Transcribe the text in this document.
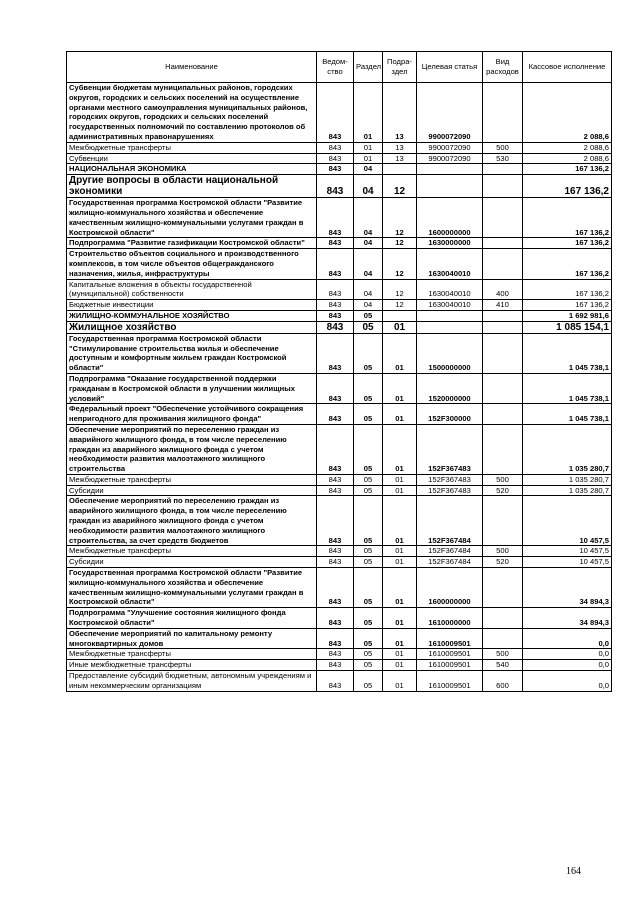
Наименование	Ведом-ство	Раздел	Подра-здел	Целевая статья	Вид расходов	Кассовое исполнение
Субвенции бюджетам муниципальных районов, городских округов, городских и сельских поселений на осуществление органами местного самоуправления муниципальных районов, городских округов, городских и сельских поселений государственных полномочий по составлению протоколов об административных правонарушениях	843	01	13	9900072090		2 088,6
Межбюджетные трансферты	843	01	13	9900072090	500	2 088,6
Субвенции	843	01	13	9900072090	530	2 088,6
НАЦИОНАЛЬНАЯ ЭКОНОМИКА	843	04				167 136,2
Другие вопросы в области национальной экономики	843	04	12			167 136,2
Государственная программа Костромской области "Развитие жилищно-коммунального хозяйства и обеспечение качественным жилищно-коммунальными услугами граждан в Костромской области"	843	04	12	1600000000		167 136,2
Подпрограмма "Развитие газификации Костромской области"	843	04	12	1630000000		167 136,2
Строительство объектов социального и производственного комплексов, в том числе объектов общегражданского назначения, жилья, инфраструктуры	843	04	12	1630040010		167 136,2
Капитальные вложения в объекты государственной (муниципальной) собственности	843	04	12	1630040010	400	167 136,2
Бюджетные инвестиции	843	04	12	1630040010	410	167 136,2
ЖИЛИЩНО-КОММУНАЛЬНОЕ ХОЗЯЙСТВО	843	05				1 692 981,6
Жилищное хозяйство	843	05	01			1 085 154,1
Государственная программа Костромской области "Стимулирование строительства жилья и обеспечение доступным и комфортным жильем граждан Костромской области"	843	05	01	1500000000		1 045 738,1
Подпрограмма "Оказание государственной поддержки гражданам в Костромской области в улучшении жилищных условий"	843	05	01	1520000000		1 045 738,1
Федеральный проект "Обеспечение устойчивого сокращения непригодного для проживания жилищного фонда"	843	05	01	152F300000		1 045 738,1
Обеспечение мероприятий по переселению граждан из аварийного жилищного фонда, в том числе переселению граждан из аварийного жилищного фонда с учетом необходимости развития малоэтажного жилищного строительства	843	05	01	152F367483		1 035 280,7
Межбюджетные трансферты	843	05	01	152F367483	500	1 035 280,7
Субсидии	843	05	01	152F367483	520	1 035 280,7
Обеспечение мероприятий по переселению граждан из аварийного жилищного фонда, в том числе переселению граждан из аварийного жилищного фонда с учетом необходимости развития малоэтажного жилищного строительства, за счет средств бюджетов	843	05	01	152F367484		10 457,5
Межбюджетные трансферты	843	05	01	152F367484	500	10 457,5
Субсидии	843	05	01	152F367484	520	10 457,5
Государственная программа Костромской области "Развитие жилищно-коммунального хозяйства и обеспечение качественным жилищно-коммунальными услугами граждан в Костромской области"	843	05	01	1600000000		34 894,3
Подпрограмма "Улучшение состояния жилищного фонда Костромской области"	843	05	01	1610000000		34 894,3
Обеспечение мероприятий по капитальному ремонту многоквартирных домов	843	05	01	1610009501		0,0
Межбюджетные трансферты	843	05	01	1610009501	500	0,0
Иные межбюджетные трансферты	843	05	01	1610009501	540	0,0
Предоставление субсидий бюджетным, автономным учреждениям и иным некоммерческим организациям	843	05	01	1610009501	600	0,0
164
